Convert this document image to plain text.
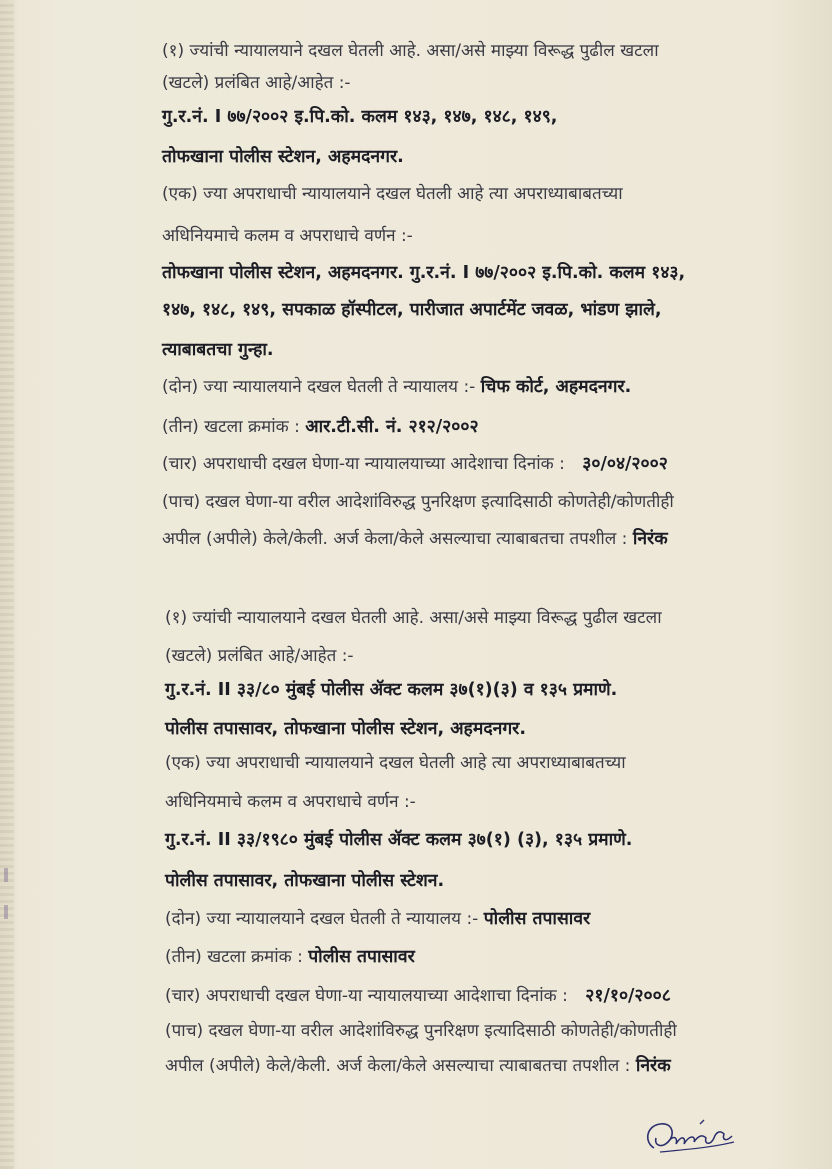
(१) ज्यांची न्यायालयाने दखल घेतली आहे. असा/असे माझ्या विरूद्ध पुढील खटला
(खटले) प्रलंबित आहे/आहेत :-
गु.र.नं. I ७७/२००२ इ.पि.को. कलम १४३, १४७, १४८, १४९,
तोफखाना पोलीस स्टेशन, अहमदनगर.
(एक) ज्या अपराधाची न्यायालयाने दखल घेतली आहे त्या अपराध्याबाबतच्या
अधिनियमाचे कलम व अपराधाचे वर्णन :-
तोफखाना पोलीस स्टेशन, अहमदनगर. गु.र.नं. I ७७/२००२ इ.पि.को. कलम १४३,
१४७, १४८, १४९, सपकाळ हॉस्पीटल, पारीजात अपार्टमेंट जवळ, भांडण झाले,
त्याबाबतचा गुन्हा.
(दोन) ज्या न्यायालयाने दखल घेतली ते न्यायालय :- चिफ कोर्ट, अहमदनगर.
(तीन) खटला क्रमांक : आर.टी.सी. नं. २१२/२००२
(चार) अपराधाची दखल घेणा-या न्यायालयाच्या आदेशाचा दिनांक : ३०/०४/२००२
(पाच) दखल घेणा-या वरील आदेशांविरुद्ध पुनरिक्षण इत्यादिसाठी कोणतेही/कोणतीही
अपील (अपीले) केले/केली. अर्ज केला/केले असल्याचा त्याबाबतचा तपशील : निरंक
(१) ज्यांची न्यायालयाने दखल घेतली आहे. असा/असे माझ्या विरूद्ध पुढील खटला
(खटले) प्रलंबित आहे/आहेत :-
गु.र.नं. II ३३/८० मुंबई पोलीस ॲक्ट कलम ३७(१)(३) व १३५ प्रमाणे.
पोलीस तपासावर, तोफखाना पोलीस स्टेशन, अहमदनगर.
(एक) ज्या अपराधाची न्यायालयाने दखल घेतली आहे त्या अपराध्याबाबतच्या
अधिनियमाचे कलम व अपराधाचे वर्णन :-
गु.र.नं. II ३३/१९८० मुंबई पोलीस ॲक्ट कलम ३७(१) (३), १३५ प्रमाणे.
पोलीस तपासावर, तोफखाना पोलीस स्टेशन.
(दोन) ज्या न्यायालयाने दखल घेतली ते न्यायालय :- पोलीस तपासावर
(तीन) खटला क्रमांक : पोलीस तपासावर
(चार) अपराधाची दखल घेणा-या न्यायालयाच्या आदेशाचा दिनांक : २१/१०/२००८
(पाच) दखल घेणा-या वरील आदेशांविरुद्ध पुनरिक्षण इत्यादिसाठी कोणतेही/कोणतीही
अपील (अपीले) केले/केली. अर्ज केला/केले असल्याचा त्याबाबतचा तपशील : निरंक
